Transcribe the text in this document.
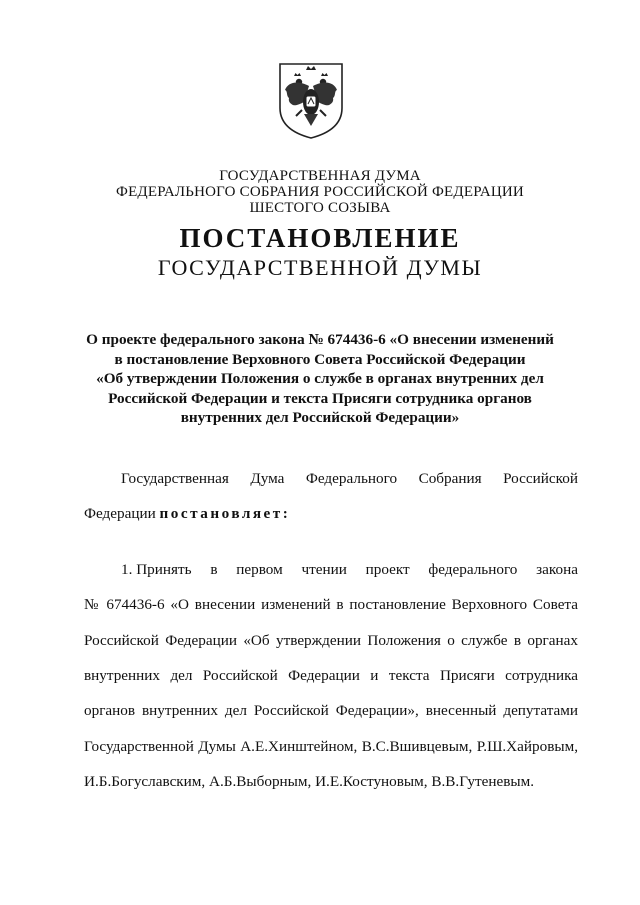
ГОСУДАРСТВЕННАЯ ДУМА
ФЕДЕРАЛЬНОГО СОБРАНИЯ РОССИЙСКОЙ ФЕДЕРАЦИИ
ШЕСТОГО СОЗЫВА
ПОСТАНОВЛЕНИЕ
ГОСУДАРСТВЕННОЙ ДУМЫ
О проекте федерального закона № 674436-6 «О внесении изменений
в постановление Верховного Совета Российской Федерации
«Об утверждении Положения о службе в органах внутренних дел
Российской Федерации и текста Присяги сотрудника органов
внутренних дел Российской Федерации»
Государственная Дума Федерального Собрания Российской
Федерации постановляет:
1. Принять в первом чтении проект федерального закона
№ 674436-6 «О внесении изменений в постановление Верховного Совета
Российской Федерации «Об утверждении Положения о службе в органах
внутренних дел Российской Федерации и текста Присяги сотрудника
органов внутренних дел Российской Федерации», внесенный депутатами
Государственной Думы А.Е.Хинштейном, В.С.Вшивцевым, Р.Ш.Хайровым,
И.Б.Богуславским, А.Б.Выборным, И.Е.Костуновым, В.В.Гутеневым.
